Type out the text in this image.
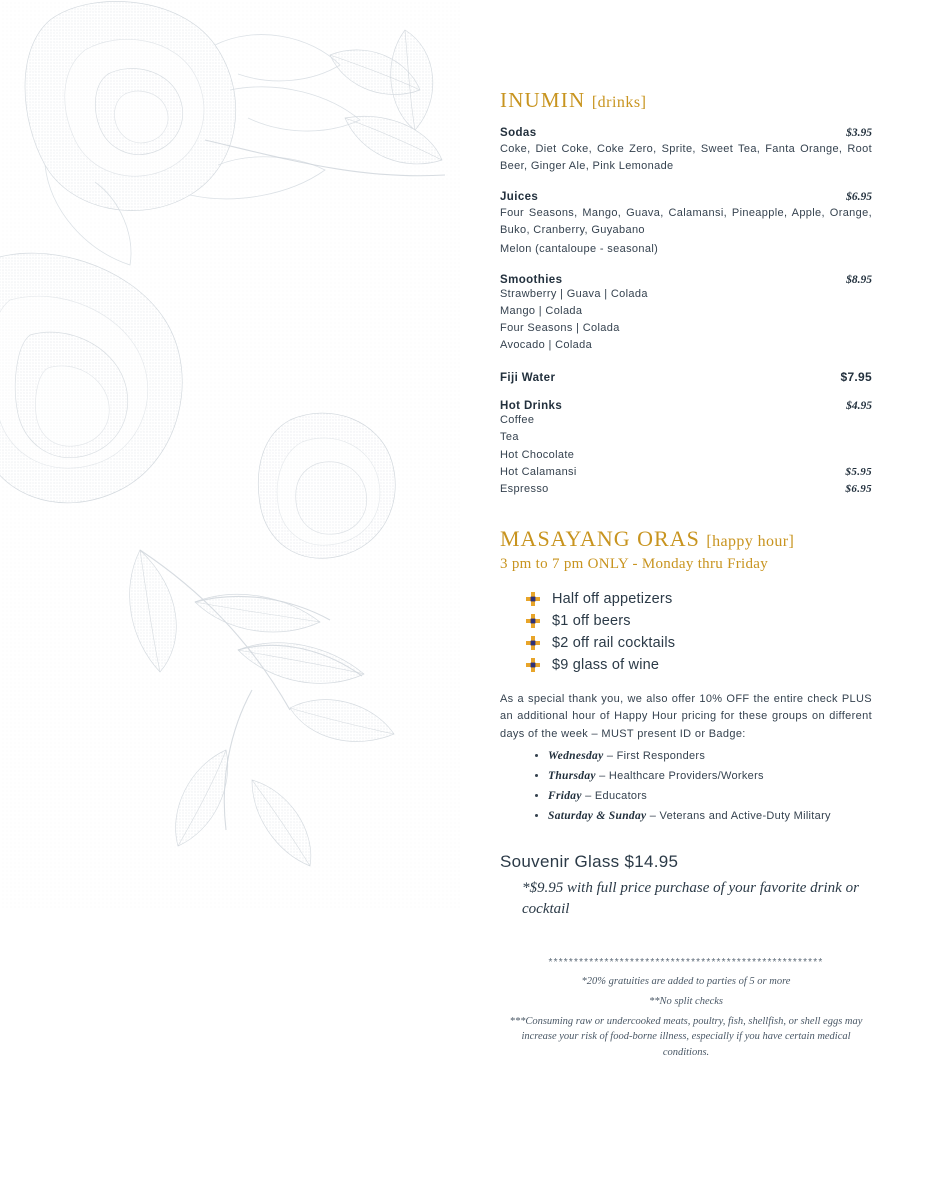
INUMIN [drinks]
Sodas	$3.95
Coke, Diet Coke, Coke Zero, Sprite, Sweet Tea, Fanta Orange, Root Beer, Ginger Ale, Pink Lemonade
Juices	$6.95
Four Seasons, Mango, Guava, Calamansi, Pineapple, Apple, Orange, Buko, Cranberry, Guyabano
Melon (cantaloupe - seasonal)
Smoothies	$8.95
Strawberry | Guava | Colada
Mango | Colada
Four Seasons | Colada
Avocado | Colada
Fiji Water	$7.95
Hot Drinks	$4.95
Coffee
Tea
Hot Chocolate
Hot Calamansi	$5.95
Espresso	$6.95
MASAYANG ORAS [happy hour]
3 pm to 7 pm ONLY - Monday thru Friday
Half off appetizers
$1 off beers
$2 off rail cocktails
$9 glass of wine
As a special thank you, we also offer 10% OFF the entire check PLUS an additional hour of Happy Hour pricing for these groups on different days of the week – MUST present ID or Badge:
• Wednesday – First Responders
• Thursday – Healthcare Providers/Workers
• Friday – Educators
• Saturday & Sunday – Veterans and Active-Duty Military
Souvenir Glass $14.95
*$9.95 with full price purchase of your favorite drink or cocktail
******************************************************
*20% gratuities are added to parties of 5 or more
**No split checks
***Consuming raw or undercooked meats, poultry, fish, shellfish, or shell eggs may increase your risk of food-borne illness, especially if you have certain medical conditions.
